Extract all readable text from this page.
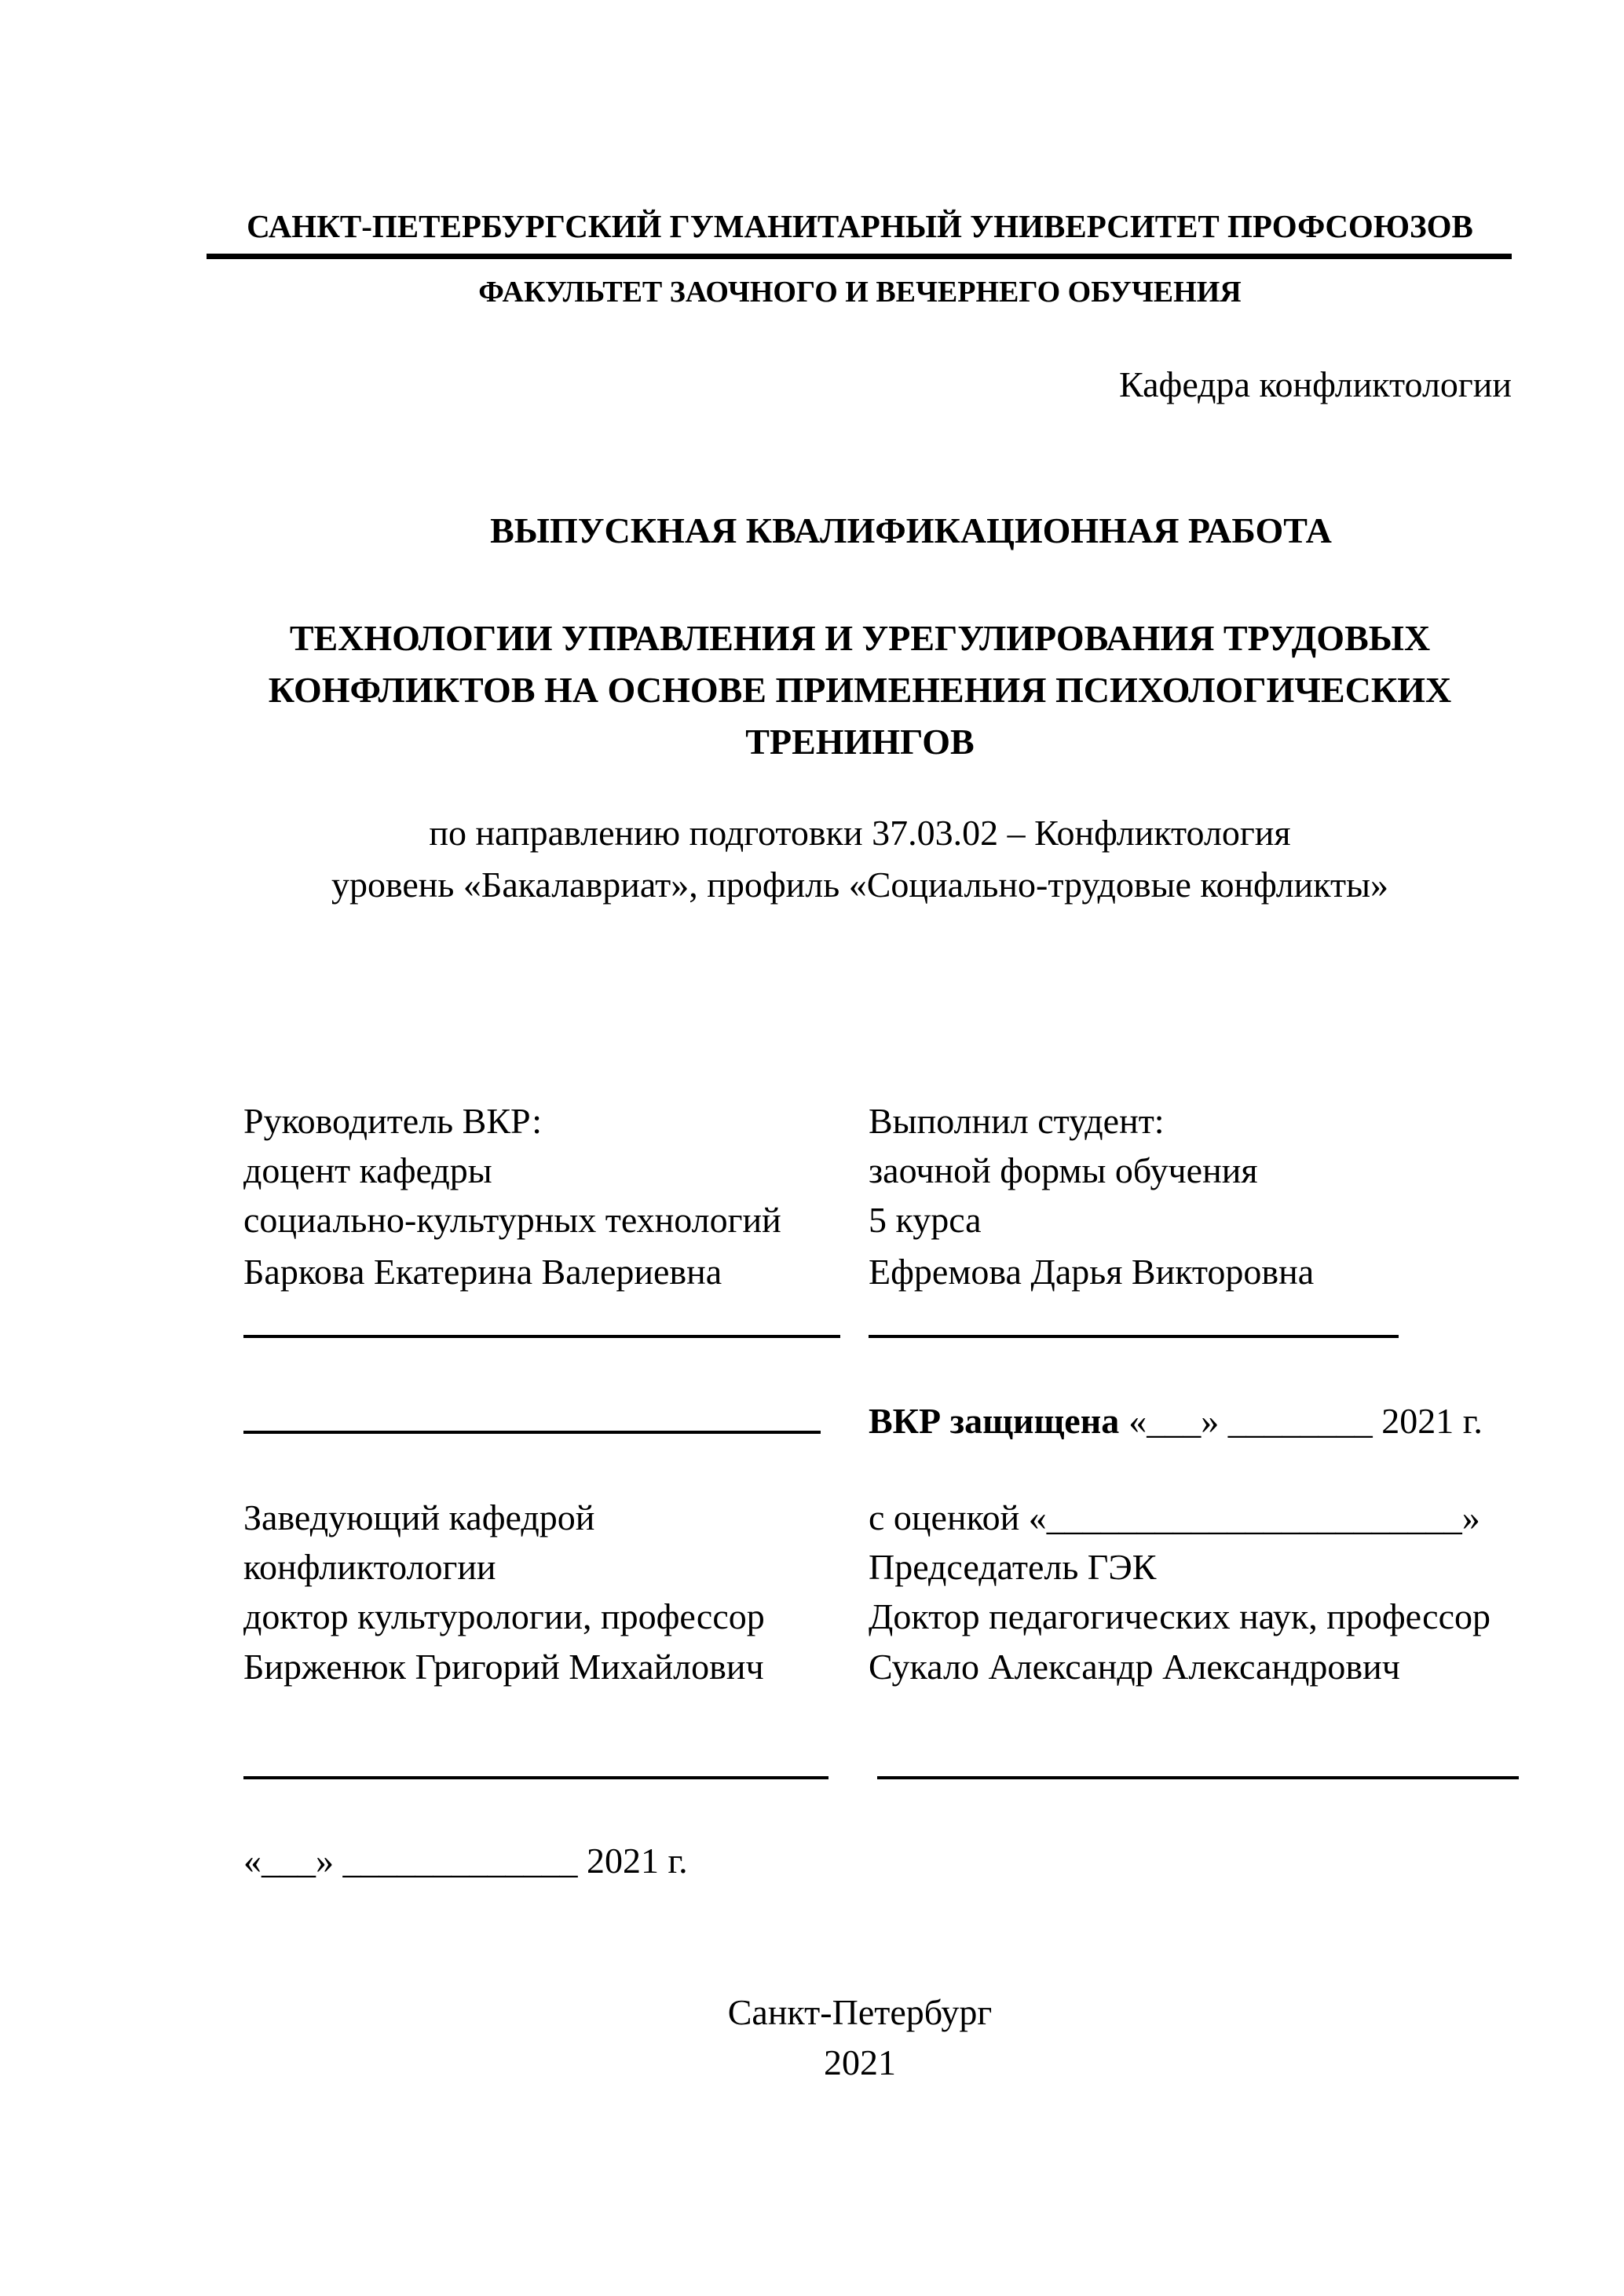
САНКТ-ПЕТЕРБУРГСКИЙ ГУМАНИТАРНЫЙ УНИВЕРСИТЕТ ПРОФСОЮЗОВ
ФАКУЛЬТЕТ ЗАОЧНОГО И ВЕЧЕРНЕГО ОБУЧЕНИЯ
Кафедра конфликтологии
ВЫПУСКНАЯ КВАЛИФИКАЦИОННАЯ РАБОТА
ТЕХНОЛОГИИ УПРАВЛЕНИЯ И УРЕГУЛИРОВАНИЯ ТРУДОВЫХ
КОНФЛИКТОВ НА ОСНОВЕ ПРИМЕНЕНИЯ ПСИХОЛОГИЧЕСКИХ
ТРЕНИНГОВ
по направлению подготовки 37.03.02 – Конфликтология
уровень «Бакалавриат», профиль «Социально-трудовые конфликты»
Руководитель ВКР:	Выполнил студент:
доцент кафедры	заочной формы обучения
социально-культурных технологий	5 курса
Баркова Екатерина Валериевна	Ефремова Дарья Викторовна
ВКР защищена «___» ________ 2021 г.
Заведующий кафедрой	с оценкой «_______________________»
конфликтологии	Председатель ГЭК
доктор культурологии, профессор	Доктор педагогических наук, профессор
Бирженюк Григорий Михайлович	Сукало Александр Александрович
«___» _____________ 2021 г.
Санкт-Петербург
2021
